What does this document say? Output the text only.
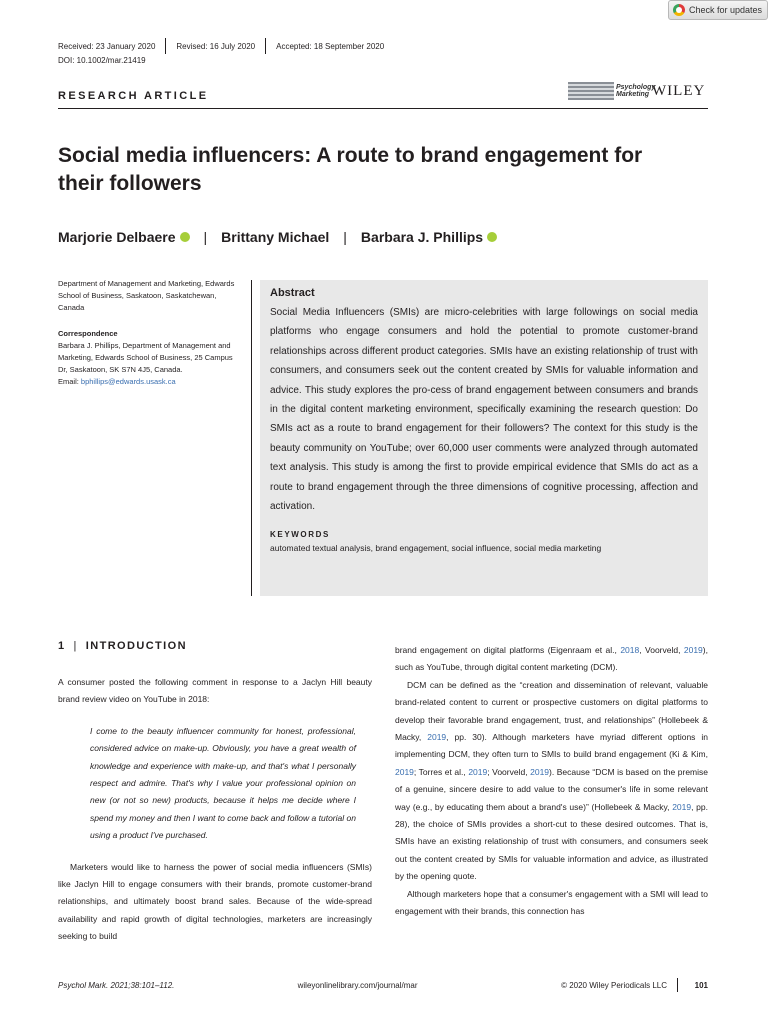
Check for updates
Received: 23 January 2020	Revised: 16 July 2020	Accepted: 18 September 2020
DOI: 10.1002/mar.21419
RESEARCH ARTICLE
Psychology
Marketing WILEY
Social media influencers: A route to brand engagement for their followers
Marjorie Delbaere | Brittany Michael | Barbara J. Phillips
Department of Management and Marketing, Edwards School of Business, Saskatoon, Saskatchewan, Canada
Correspondence
Barbara J. Phillips, Department of Management and Marketing, Edwards School of Business, 25 Campus Dr, Saskatoon, SK S7N 4J5, Canada.
Email: bphillips@edwards.usask.ca
Abstract
Social Media Influencers (SMIs) are micro-celebrities with large followings on social media platforms who engage consumers and hold the potential to promote customer-brand relationships across different product categories. SMIs have an existing relationship of trust with consumers, and consumers seek out the content created by SMIs for valuable information and advice. This study explores the pro-cess of brand engagement between consumers and brands in the digital content marketing environment, specifically examining the research question: Do SMIs act as a route to brand engagement for their followers? The context for this study is the beauty community on YouTube; over 60,000 user comments were analyzed through automated text analysis. This study is among the first to provide empirical evidence that SMIs do act as a route to brand engagement through the three dimensions of cognitive processing, affection and activation.
KEYWORDS
automated textual analysis, brand engagement, social influence, social media marketing
1 | INTRODUCTION

A consumer posted the following comment in response to a Jaclyn Hill beauty brand review video on YouTube in 2018:

I come to the beauty influencer community for honest, professional, considered advice on make-up. Obviously, you have a great wealth of knowledge and experience with make-up, and that's what I personally respect and admire. That's why I value your professional opinion on new (or not so new) products, because it helps me decide where I spend my money and then I want to come back and follow a tutorial on using a product I've purchased.

Marketers would like to harness the power of social media influencers (SMIs) like Jaclyn Hill to engage consumers with their brands, promote customer-brand relationships, and ultimately boost brand sales. Because of the wide-spread availability and rapid growth of digital technologies, marketers are increasingly seeking to build

brand engagement on digital platforms (Eigenraam et al., 2018, Voorveld, 2019), such as YouTube, through digital content marketing (DCM).

DCM can be defined as the “creation and dissemination of relevant, valuable brand-related content to current or prospective customers on digital platforms to develop their favorable brand engagement, trust, and relationships” (Hollebeek & Macky, 2019, pp. 30). Although marketers have myriad different options in implementing DCM, they often turn to SMIs to build brand engagement (Ki & Kim, 2019; Torres et al., 2019; Voorveld, 2019). Because “DCM is based on the premise of a genuine, sincere desire to add value to the consumer's life in some relevant way (e.g., by educating them about a brand's use)” (Hollebeek & Macky, 2019, pp. 28), the choice of SMIs provides a short-cut to these desired outcomes. That is, SMIs have an existing relationship of trust with consumers, and consumers seek out the content created by SMIs for valuable information and advice, as illustrated by the opening quote.

Although marketers hope that a consumer's engagement with a SMI will lead to engagement with their brands, this connection has

Psychol Mark. 2021;38:101–112.	wileyonlinelibrary.com/journal/mar	© 2020 Wiley Periodicals LLC	101
